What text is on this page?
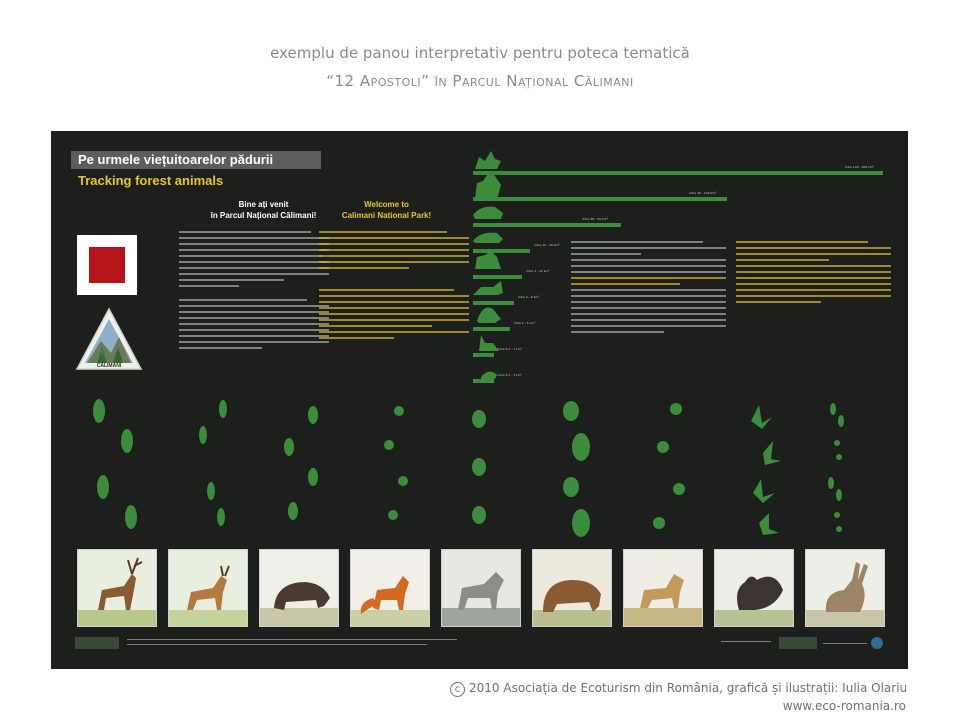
exemplu de panou interpretativ pentru poteca tematică
“12 Apostoli” în Parcul Național Călimani
Pe urmele viețuitoarelor pădurii
Tracking forest animals
CĂLIMANI
Bine ați venit
în Parcul Național Călimani!
Welcome to
Calimani National Park!
între 100 - 200 km²
între 40 - 120 km²
între 30 - 50 km²
între 10 - 20 km²
între 3 - 10 km²
între 2 - 6 km²
între 2 - 5 km²
între 0,5 - 1 km²
între 0,5 - 1 km²
c 2010 Asociația de Ecoturism din România, grafică și ilustrații: Iulia Olariu
www.eco-romania.ro
